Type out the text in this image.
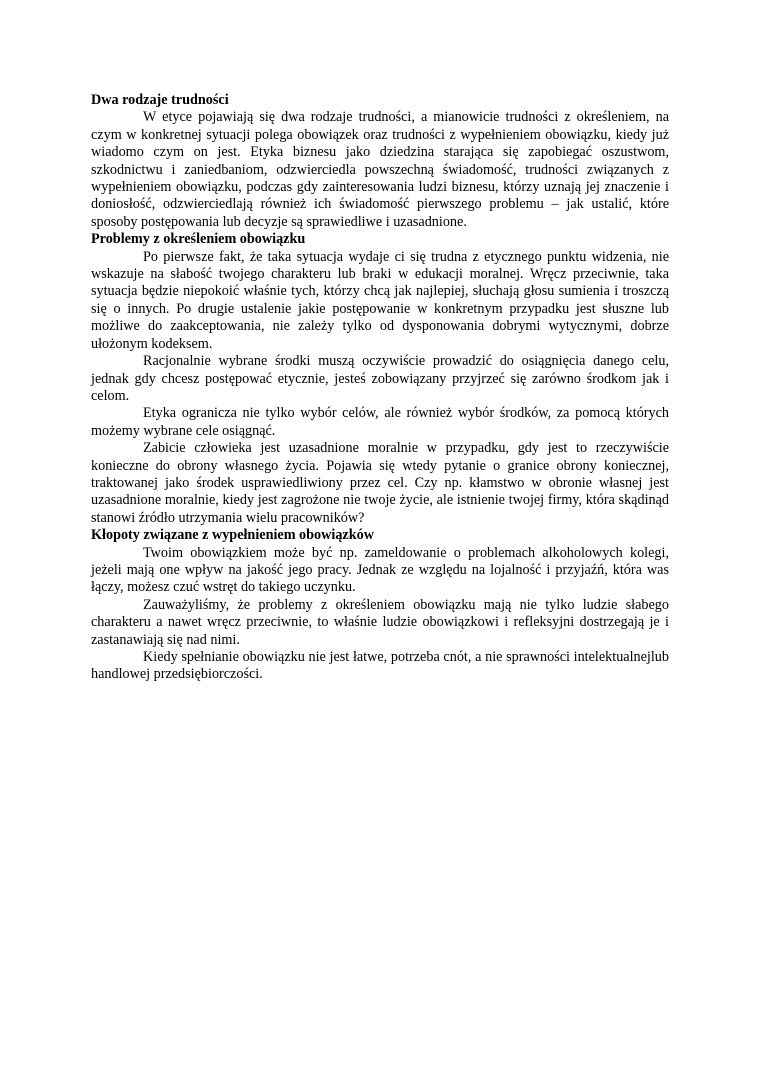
Dwa rodzaje trudności

W etyce pojawiają się dwa rodzaje trudności, a mianowicie trudności z określeniem, na czym w konkretnej sytuacji polega obowiązek oraz trudności z wypełnieniem obowiązku, kiedy już wiadomo czym on jest. Etyka biznesu jako dziedzina starająca się zapobiegać oszustwom, szkodnictwu i zaniedbaniom, odzwierciedla powszechną świadomość, trudności związanych z wypełnieniem obowiązku, podczas gdy zainteresowania ludzi biznesu, którzy uznają jej znaczenie i doniosłość, odzwierciedlają również ich świadomość pierwszego problemu – jak ustalić, które sposoby postępowania lub decyzje są sprawiedliwe i uzasadnione.

Problemy z określeniem obowiązku

Po pierwsze fakt, że taka sytuacja wydaje ci się trudna z etycznego punktu widzenia, nie wskazuje na słabość twojego charakteru lub braki w edukacji moralnej. Wręcz przeciwnie, taka sytuacja będzie niepokoić właśnie tych, którzy chcą jak najlepiej, słuchają głosu sumienia i troszczą się o innych. Po drugie ustalenie jakie postępowanie w konkretnym przypadku jest słuszne lub możliwe do zaakceptowania, nie zależy tylko od dysponowania dobrymi wytycznymi, dobrze ułożonym kodeksem.

Racjonalnie wybrane środki muszą oczywiście prowadzić do osiągnięcia danego celu, jednak gdy chcesz postępować etycznie, jesteś zobowiązany przyjrzeć się zarówno środkom jak i celom.

Etyka ogranicza nie tylko wybór celów, ale również wybór środków, za pomocą których możemy wybrane cele osiągnąć.

Zabicie człowieka jest uzasadnione moralnie w przypadku, gdy jest to rzeczywiście konieczne do obrony własnego życia. Pojawia się wtedy pytanie o granice obrony koniecznej, traktowanej jako środek usprawiedliwiony przez cel. Czy np. kłamstwo w obronie własnej jest uzasadnione moralnie, kiedy jest zagrożone nie twoje życie, ale istnienie twojej firmy, która skądinąd stanowi źródło utrzymania wielu pracowników?

Kłopoty związane z wypełnieniem obowiązków

Twoim obowiązkiem może być np. zameldowanie o problemach alkoholowych kolegi, jeżeli mają one wpływ na jakość jego pracy. Jednak ze względu na lojalność i przyjaźń, która was łączy, możesz czuć wstręt do takiego uczynku.

Zauważyliśmy, że problemy z określeniem obowiązku mają nie tylko ludzie słabego charakteru a nawet wręcz przeciwnie, to właśnie ludzie obowiązkowi i refleksyjni dostrzegają je i zastanawiają się nad nimi.

Kiedy spełnianie obowiązku nie jest łatwe, potrzeba cnót, a nie sprawności intelektualnejlub handlowej przedsiębiorczości.
